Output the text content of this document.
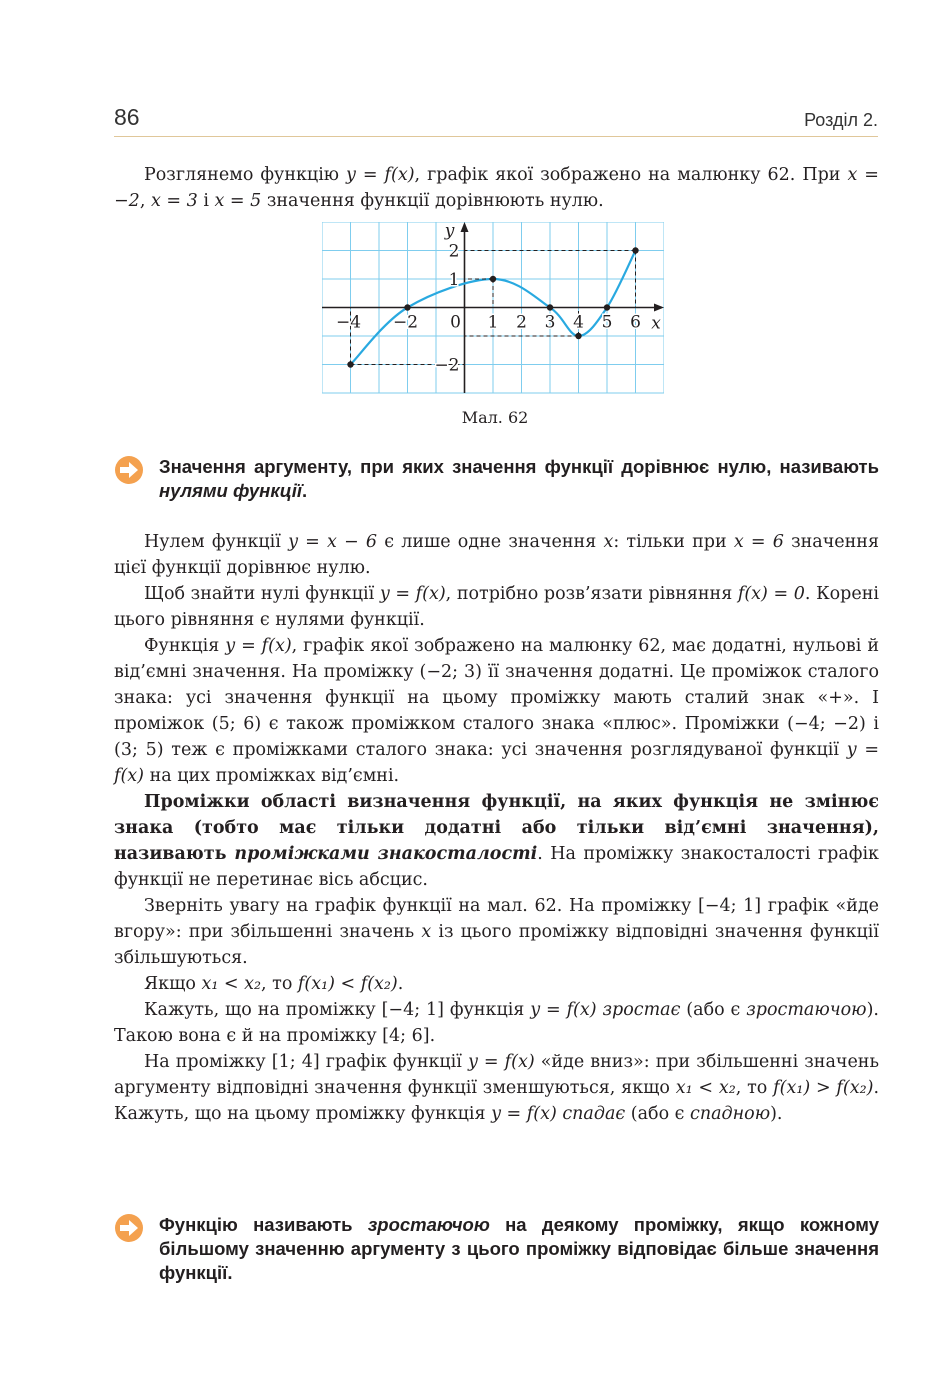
86	Розділ 2.

Розглянемо функцію y = f(x), графік якої зображено на малюнку 62. При x = −2, x = 3 і x = 5 значення функції дорівнюють нулю.

−4 −2	1 2 3 4 5 6
2
1
−2
0	x
y
Мал. 62
Значення аргументу, при яких значення функції дорівнює нулю, називають нулями функції.

Нулем функції y = x − 6 є лише одне значення x: тільки при x = 6 значення цієї функції дорівнює нулю.

Щоб знайти нулі функції y = f(x), потрібно розв’язати рівняння f(x) = 0. Корені цього рівняння є нулями функції.

Функція y = f(x), графік якої зображено на малюнку 62, має додатні, нульові й від’ємні значення. На проміжку (−2; 3) її значення додатні. Це проміжок сталого знака: усі значення функції на цьому проміжку мають сталий знак «+». І проміжок (5; 6) є також проміжком сталого знака «плюс». Проміжки (−4; −2) і (3; 5) теж є проміжками сталого знака: усі значення розглядуваної функції y = f(x) на цих проміжках від’ємні.

Проміжки області визначення функції, на яких функція не змінює знака (тобто має тільки додатні або тільки від’ємні значення), називають проміжками знакосталості. На проміжку знакосталості графік функції не перетинає вісь абсцис.

Зверніть увагу на графік функції на мал. 62. На проміжку [−4; 1] графік «йде вгору»: при збільшенні значень x із цього проміжку відповідні значення функції збільшуються.

Якщо x₁ < x₂, то f(x₁) < f(x₂).

Кажуть, що на проміжку [−4; 1] функція y = f(x) зростає (або є зростаючою). Такою вона є й на проміжку [4; 6].

На проміжку [1; 4] графік функції y = f(x) «йде вниз»: при збільшенні значень аргументу відповідні значення функції зменшуються, якщо x₁ < x₂, то f(x₁) > f(x₂). Кажуть, що на цьому проміжку функція y = f(x) спадає (або є спадною).

Функцію називають зростаючою на деякому проміжку, якщо кожному більшому значенню аргументу з цього проміжку відповідає більше значення функції.
